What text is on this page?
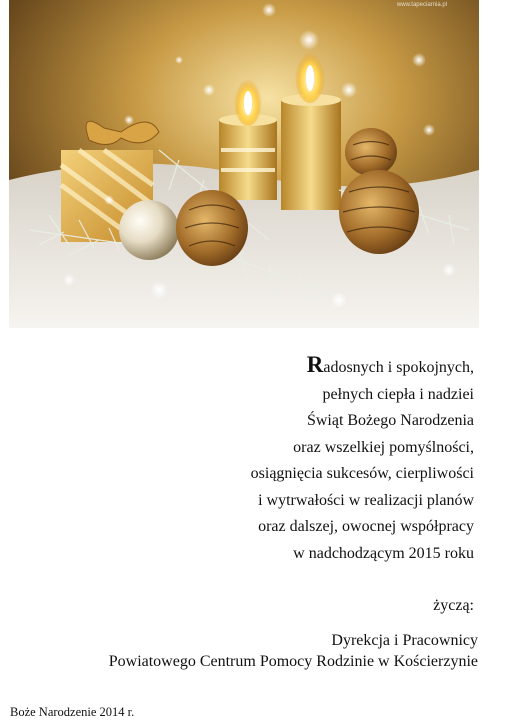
www.tapeciarnia.pl
Radosnych i spokojnych,
pełnych ciepła i nadziei
Świąt Bożego Narodzenia
oraz wszelkiej pomyślności,
osiągnięcia sukcesów, cierpliwości
i wytrwałości w realizacji planów
oraz dalszej, owocnej współpracy
w nadchodzącym 2015 roku
życzą:
Dyrekcja i Pracownicy
Powiatowego Centrum Pomocy Rodzinie w Kościerzynie
Boże Narodzenie 2014 r.
